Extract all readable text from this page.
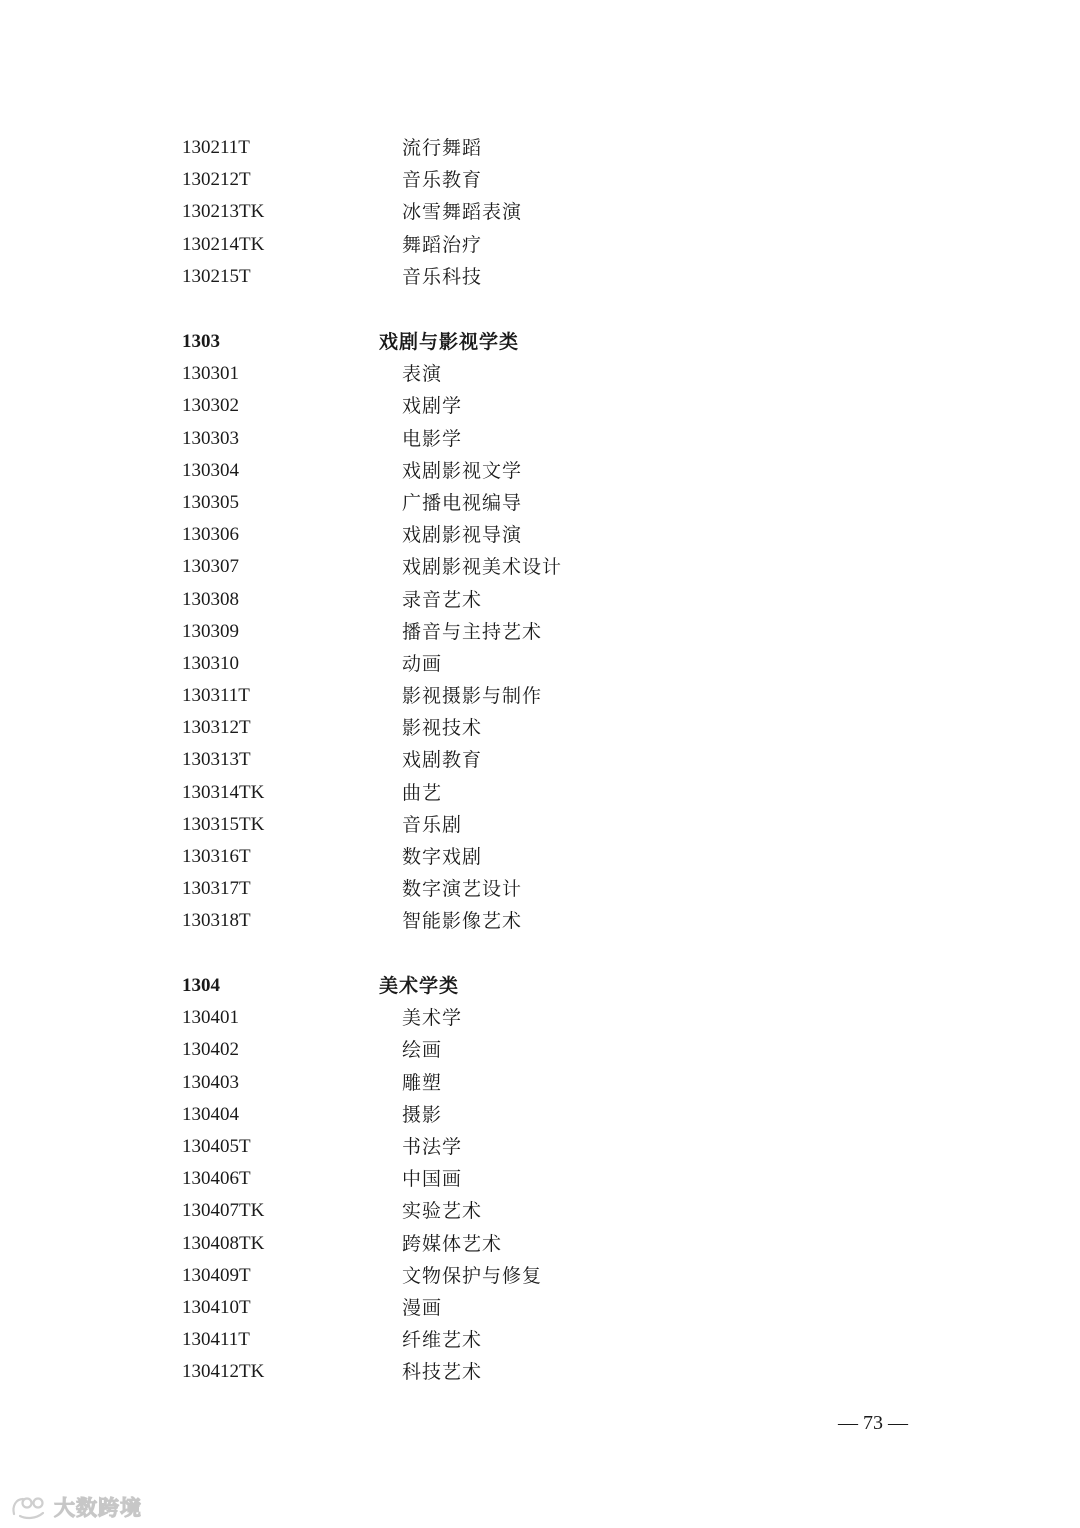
130211T	流行舞蹈
130212T	音乐教育
130213TK	冰雪舞蹈表演
130214TK	舞蹈治疗
130215T	音乐科技
1303	戏剧与影视学类
130301	表演
130302	戏剧学
130303	电影学
130304	戏剧影视文学
130305	广播电视编导
130306	戏剧影视导演
130307	戏剧影视美术设计
130308	录音艺术
130309	播音与主持艺术
130310	动画
130311T	影视摄影与制作
130312T	影视技术
130313T	戏剧教育
130314TK	曲艺
130315TK	音乐剧
130316T	数字戏剧
130317T	数字演艺设计
130318T	智能影像艺术
1304	美术学类
130401	美术学
130402	绘画
130403	雕塑
130404	摄影
130405T	书法学
130406T	中国画
130407TK	实验艺术
130408TK	跨媒体艺术
130409T	文物保护与修复
130410T	漫画
130411T	纤维艺术
130412TK	科技艺术
— 73 —
大数跨境
